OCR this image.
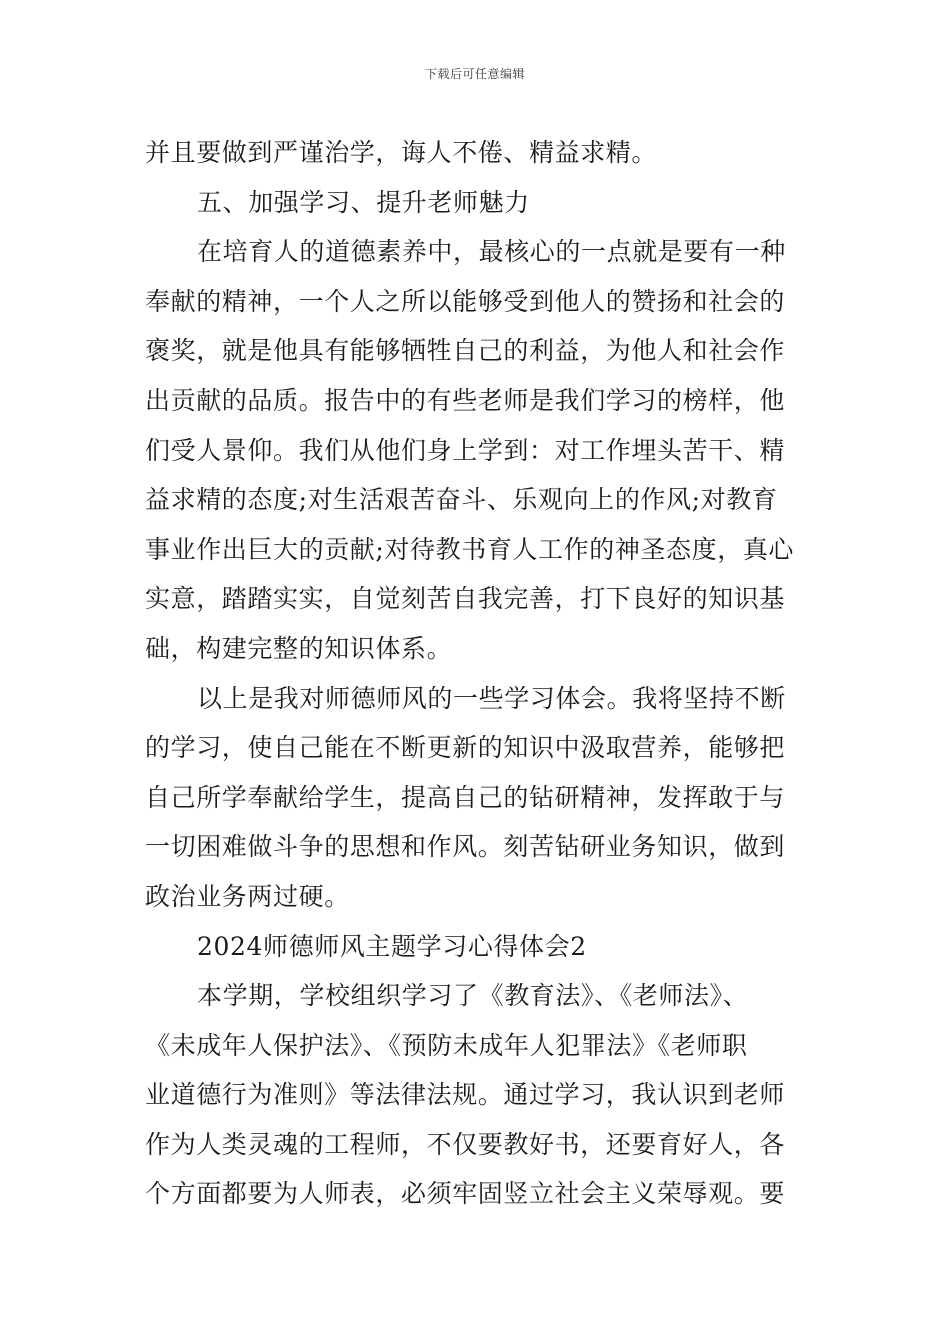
下载后可任意编辑
并且要做到严谨治学，诲人不倦、精益求精。
五、加强学习、提升老师魅力
在培育人的道德素养中，最核心的一点就是要有一种
奉献的精神，一个人之所以能够受到他人的赞扬和社会的
褒奖，就是他具有能够牺牲自己的利益，为他人和社会作
出贡献的品质。报告中的有些老师是我们学习的榜样，他
们受人景仰。我们从他们身上学到：对工作埋头苦干、精
益求精的态度;对生活艰苦奋斗、乐观向上的作风;对教育
事业作出巨大的贡献;对待教书育人工作的神圣态度，真心
实意，踏踏实实，自觉刻苦自我完善，打下良好的知识基
础，构建完整的知识体系。
以上是我对师德师风的一些学习体会。我将坚持不断
的学习，使自己能在不断更新的知识中汲取营养，能够把
自己所学奉献给学生，提高自己的钻研精神，发挥敢于与
一切困难做斗争的思想和作风。刻苦钻研业务知识，做到
政治业务两过硬。
2024师德师风主题学习心得体会2
本学期，学校组织学习了《教育法》、《老师法》、
《未成年人保护法》、《预防未成年人犯罪法》《老师职
业道德行为准则》等法律法规。通过学习，我认识到老师
作为人类灵魂的工程师，不仅要教好书，还要育好人，各
个方面都要为人师表，必须牢固竖立社会主义荣辱观。要
